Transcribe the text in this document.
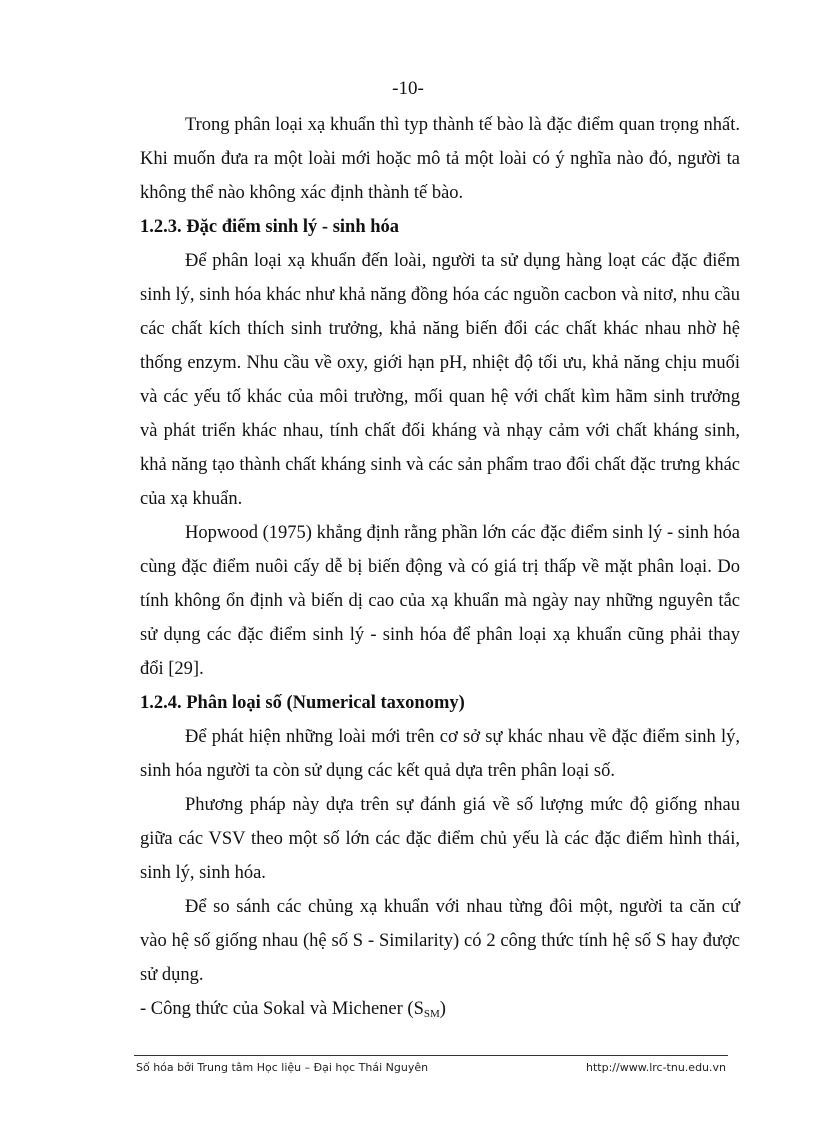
-10-

Trong phân loại xạ khuẩn thì typ thành tế bào là đặc điểm quan trọng nhất. Khi muốn đưa ra một loài mới hoặc mô tả một loài có ý nghĩa nào đó, người ta không thể nào không xác định thành tế bào.

1.2.3. Đặc điểm sinh lý - sinh hóa

Để phân loại xạ khuẩn đến loài, người ta sử dụng hàng loạt các đặc điểm sinh lý, sinh hóa khác như khả năng đồng hóa các nguồn cacbon và nitơ, nhu cầu các chất kích thích sinh trưởng, khả năng biến đổi các chất khác nhau nhờ hệ thống enzym. Nhu cầu về oxy, giới hạn pH, nhiệt độ tối ưu, khả năng chịu muối và các yếu tố khác của môi trường, mối quan hệ với chất kìm hãm sinh trưởng và phát triển khác nhau, tính chất đối kháng và nhạy cảm với chất kháng sinh, khả năng tạo thành chất kháng sinh và các sản phẩm trao đổi chất đặc trưng khác của xạ khuẩn.

Hopwood (1975) khẳng định rằng phần lớn các đặc điểm sinh lý - sinh hóa cùng đặc điểm nuôi cấy dễ bị biến động và có giá trị thấp về mặt phân loại. Do tính không ổn định và biến dị cao của xạ khuẩn mà ngày nay những nguyên tắc sử dụng các đặc điểm sinh lý - sinh hóa để phân loại xạ khuẩn cũng phải thay đổi [29].

1.2.4. Phân loại số (Numerical taxonomy)

Để phát hiện những loài mới trên cơ sở sự khác nhau về đặc điểm sinh lý, sinh hóa người ta còn sử dụng các kết quả dựa trên phân loại số.

Phương pháp này dựa trên sự đánh giá về số lượng mức độ giống nhau giữa các VSV theo một số lớn các đặc điểm chủ yếu là các đặc điểm hình thái, sinh lý, sinh hóa.

Để so sánh các chủng xạ khuẩn với nhau từng đôi một, người ta căn cứ vào hệ số giống nhau (hệ số S - Similarity) có 2 công thức tính hệ số S hay được sử dụng.

- Công thức của Sokal và Michener $(S_{SM})$

Số hóa bởi Trung tâm Học liệu – Đại học Thái Nguyên	http://www.lrc-tnu.edu.vn
